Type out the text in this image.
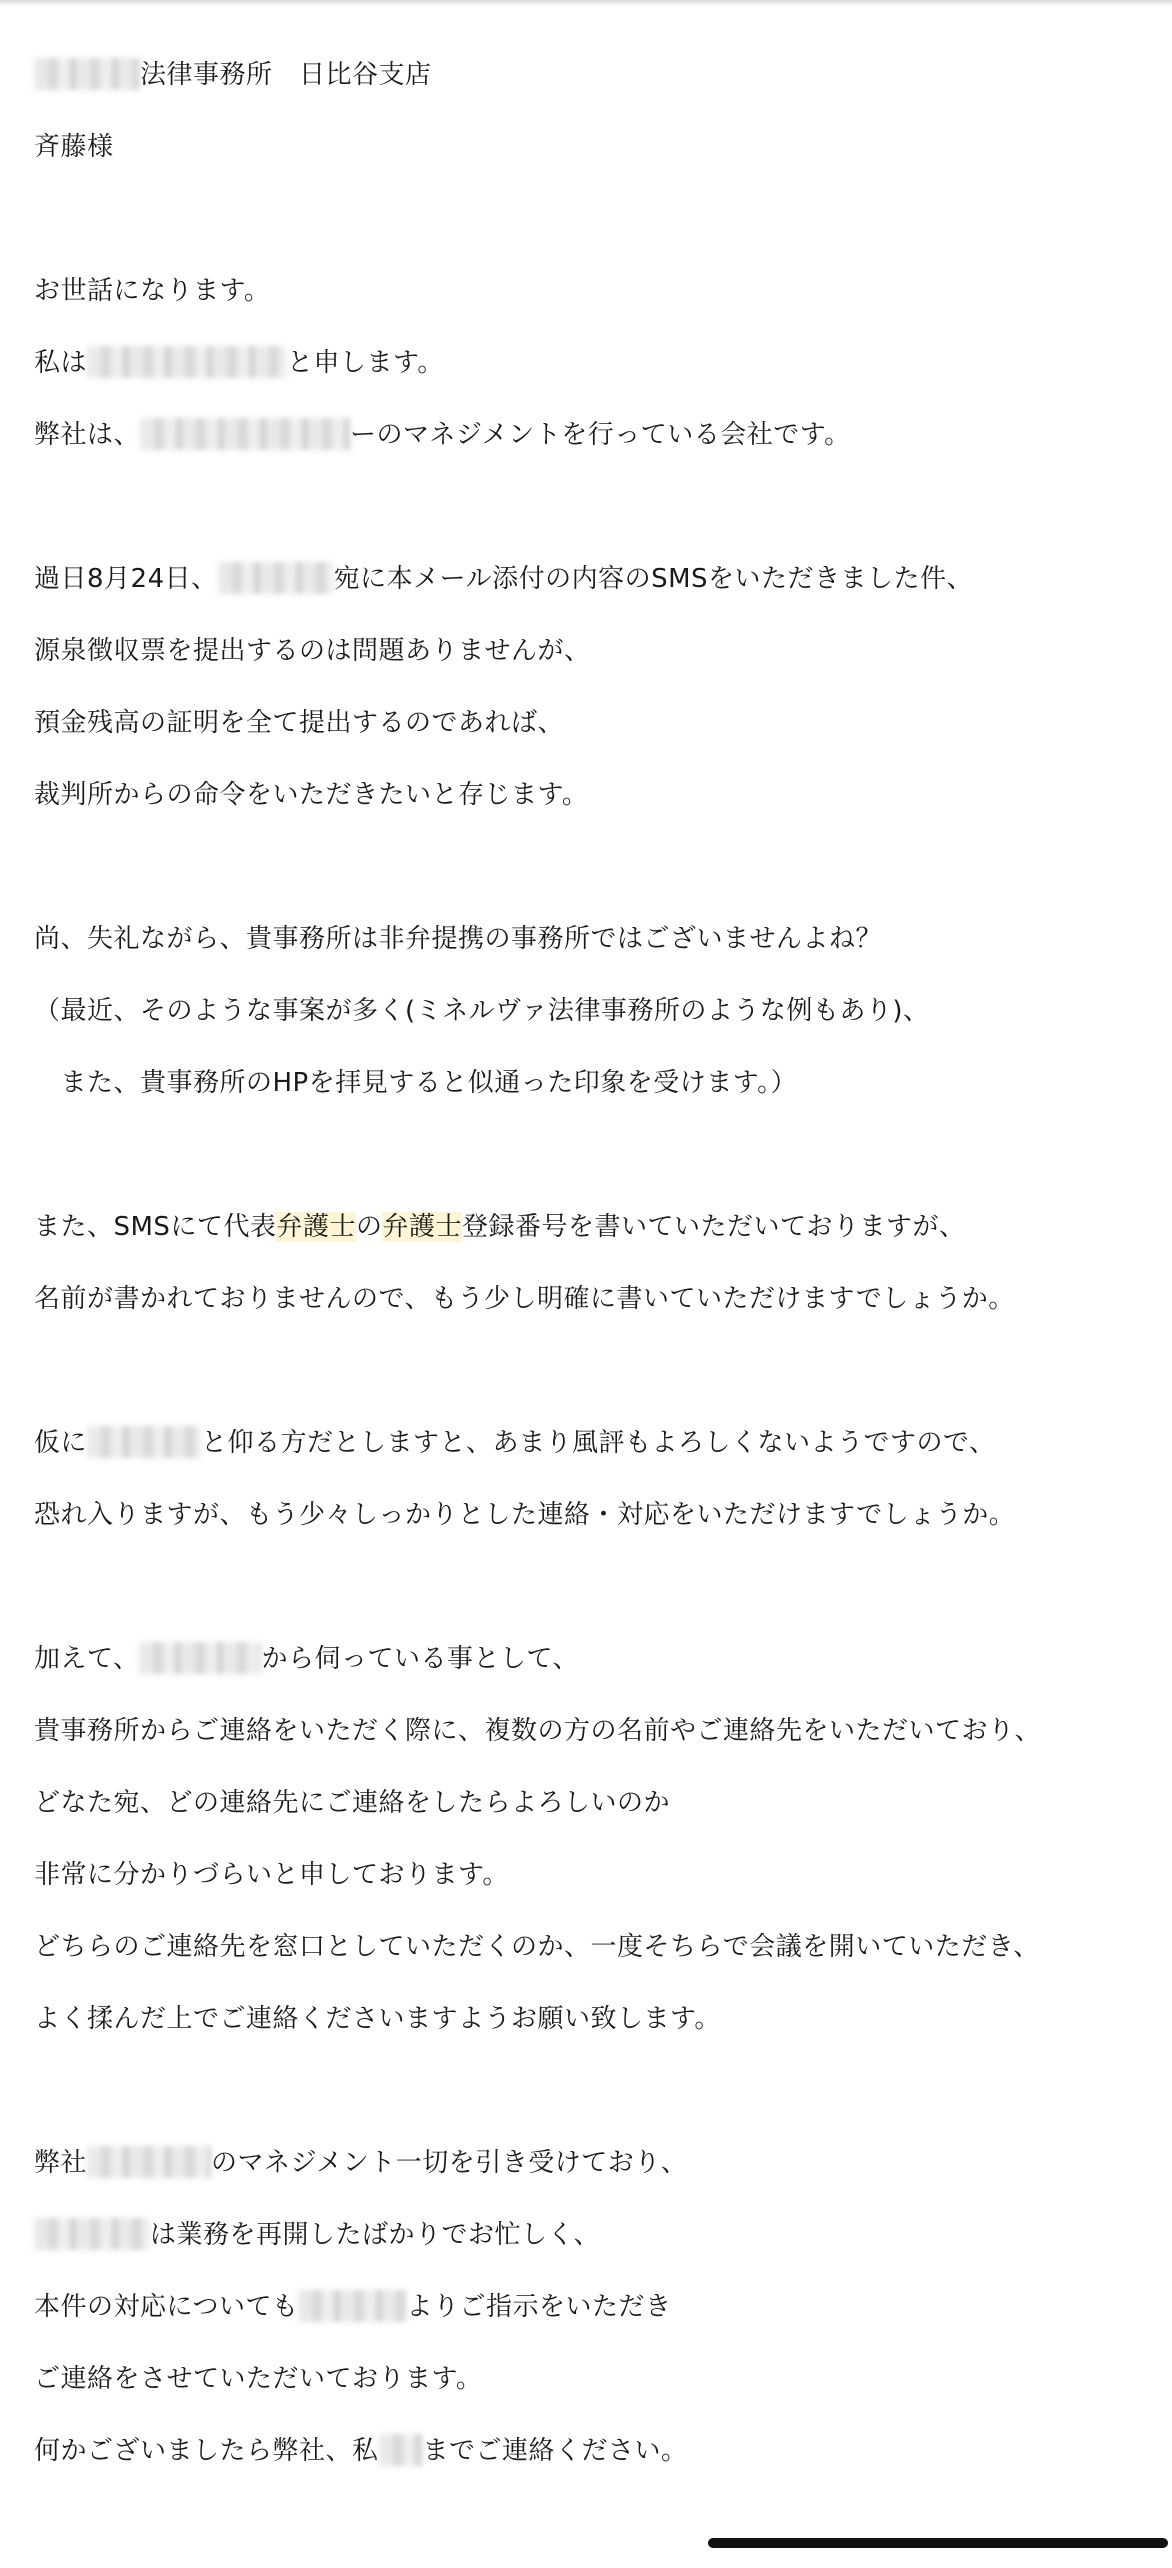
法律事務所　日比谷支店
斉藤様
お世話になります。
私は	と申します。
弊社は、	ーのマネジメントを行っている会社です。
過日8月24日、	宛に本メール添付の内容のSMSをいただきました件、
源泉徴収票を提出するのは問題ありませんが、
預金残高の証明を全て提出するのであれば、
裁判所からの命令をいただきたいと存じます。
尚、失礼ながら、貴事務所は非弁提携の事務所ではございませんよね？
（最近、そのような事案が多く(ミネルヴァ法律事務所のような例もあり)、
　また、貴事務所のHPを拝見すると似通った印象を受けます。）
また、SMSにて代表弁護士の弁護士登録番号を書いていただいておりますが、
名前が書かれておりませんので、もう少し明確に書いていただけますでしょうか。
仮に	と仰る方だとしますと、あまり風評もよろしくないようですので、
恐れ入りますが、もう少々しっかりとした連絡・対応をいただけますでしょうか。
加えて、	から伺っている事として、
貴事務所からご連絡をいただく際に、複数の方の名前やご連絡先をいただいており、
どなた宛、どの連絡先にご連絡をしたらよろしいのか
非常に分かりづらいと申しております。
どちらのご連絡先を窓口としていただくのか、一度そちらで会議を開いていただき、
よく揉んだ上でご連絡くださいますようお願い致します。
弊社	のマネジメント一切を引き受けており、
は業務を再開したばかりでお忙しく、
本件の対応についても	よりご指示をいただき
ご連絡をさせていただいております。
何かございましたら弊社、私 までご連絡ください。
